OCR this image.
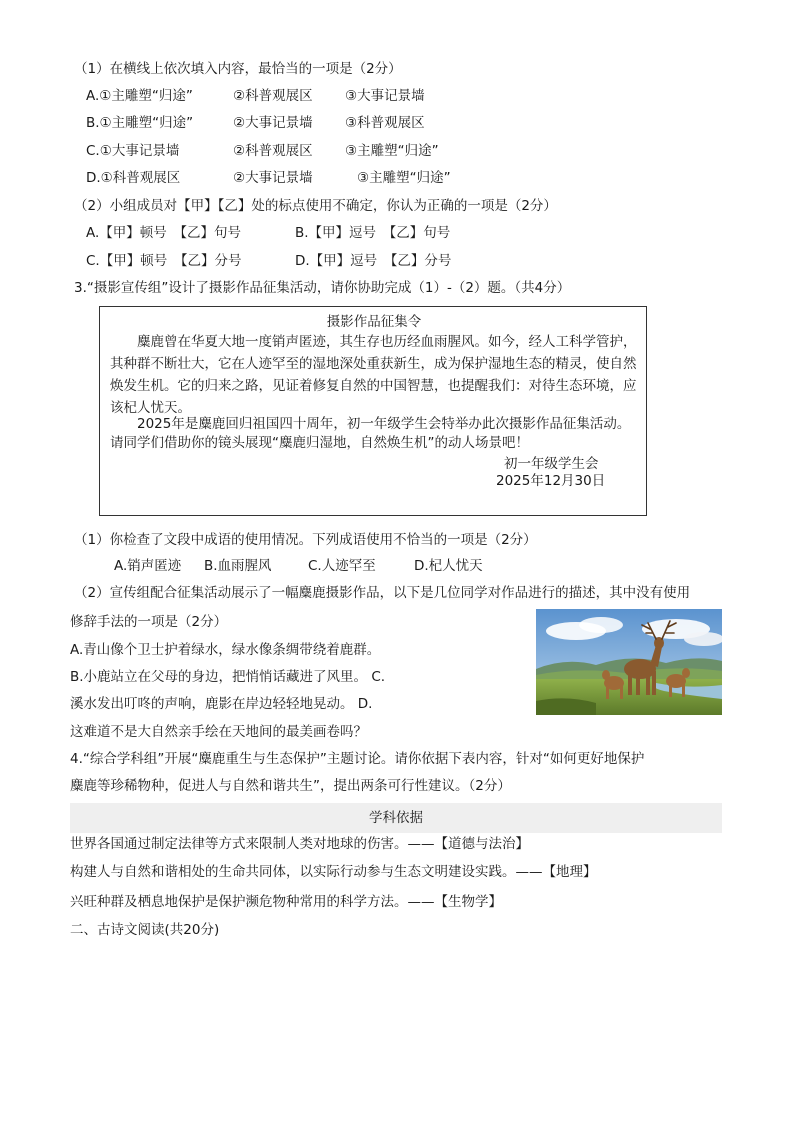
（1）在横线上依次填入内容，最恰当的一项是（2分）
A.①主雕塑“归途”	②科普观展区 ③大事记景墙
B.①主雕塑“归途”	②大事记景墙 ③科普观展区
C.①大事记景墙	②科普观展区 ③主雕塑“归途”
D.①科普观展区	②大事记景墙	③主雕塑“归途”
（2）小组成员对【甲】【乙】处的标点使用不确定，你认为正确的一项是（2分）
A.【甲】顿号　【乙】句号	B.【甲】逗号　【乙】句号
C.【甲】顿号　【乙】分号	D.【甲】逗号　【乙】分号
3.“摄影宣传组”设计了摄影作品征集活动，请你协助完成（1）-（2）题。（共4分）
摄影作品征集令
　　麋鹿曾在华夏大地一度销声匿迹，其生存也历经血雨腥风。如今，经人工科学管护，其种群不断壮大，它在人迹罕至的湿地深处重获新生，成为保护湿地生态的精灵，使自然焕发生机。它的归来之路，见证着修复自然的中国智慧，也提醒我们：对待生态环境，应该杞人忧天。
　　2025年是麋鹿回归祖国四十周年，初一年级学生会特举办此次摄影作品征集活动。请同学们借助你的镜头展现“麋鹿归湿地，自然焕生机”的动人场景吧！
初一年级学生会
2025年12月30日
（1）你检查了文段中成语的使用情况。下列成语使用不恰当的一项是（2分）
A.销声匿迹 B.血雨腥风	C.人迹罕至	D.杞人忧天
（2）宣传组配合征集活动展示了一幅麋鹿摄影作品，以下是几位同学对作品进行的描述，其中没有使用
修辞手法的一项是（2分）
A.青山像个卫士护着绿水，绿水像条绸带绕着鹿群。
B.小鹿站立在父母的身边，把悄悄话藏进了风里。 C.
溪水发出叮咚的声响，鹿影在岸边轻轻地晃动。 D.
这难道不是大自然亲手绘在天地间的最美画卷吗？
4.“综合学科组”开展“麋鹿重生与生态保护”主题讨论。请你依据下表内容，针对“如何更好地保护
麋鹿等珍稀物种，促进人与自然和谐共生”，提出两条可行性建议。（2分）
学科依据
世界各国通过制定法律等方式来限制人类对地球的伤害。——【道德与法治】
构建人与自然和谐相处的生命共同体，以实际行动参与生态文明建设实践。——【地理】
兴旺种群及栖息地保护是保护濒危物种常用的科学方法。——【生物学】
二、古诗文阅读(共20分)
